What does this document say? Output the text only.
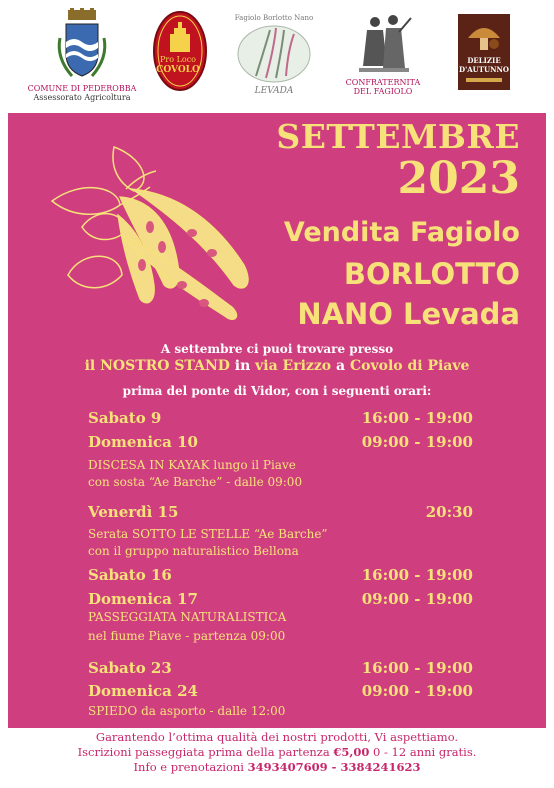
COMUNE DI PEDEROBBA
Assessorato Agricoltura
Pro Loco
COVOLO
Fagiolo Borlotto Nano
LEVADA
CONFRATERNITA
DEL FAGIOLO
DELIZIE
D'AUTUNNO
SETTEMBRE
2023
Vendita Fagiolo
BORLOTTO
NANO Levada
A settembre ci puoi trovare presso
il NOSTRO STAND in via Erizzo a Covolo di Piave
prima del ponte di Vidor, con i seguenti orari:
Sabato 9	16:00 - 19:00
Domenica 10	09:00 - 19:00
DISCESA IN KAYAK lungo il Piave
con sosta “Ae Barche” - dalle 09:00
Venerdì 15	20:30
Serata SOTTO LE STELLE “Ae Barche”
con il gruppo naturalistico Bellona
Sabato 16	16:00 - 19:00
Domenica 17	09:00 - 19:00
PASSEGGIATA NATURALISTICA
nel fiume Piave - partenza 09:00
Sabato 23	16:00 - 19:00
Domenica 24	09:00 - 19:00
SPIEDO da asporto - dalle 12:00
Garantendo l’ottima qualità dei nostri prodotti, Vi aspettiamo.
Iscrizioni passeggiata prima della partenza €5,00 0 - 12 anni gratis.
Info e prenotazioni 3493407609 - 3384241623
